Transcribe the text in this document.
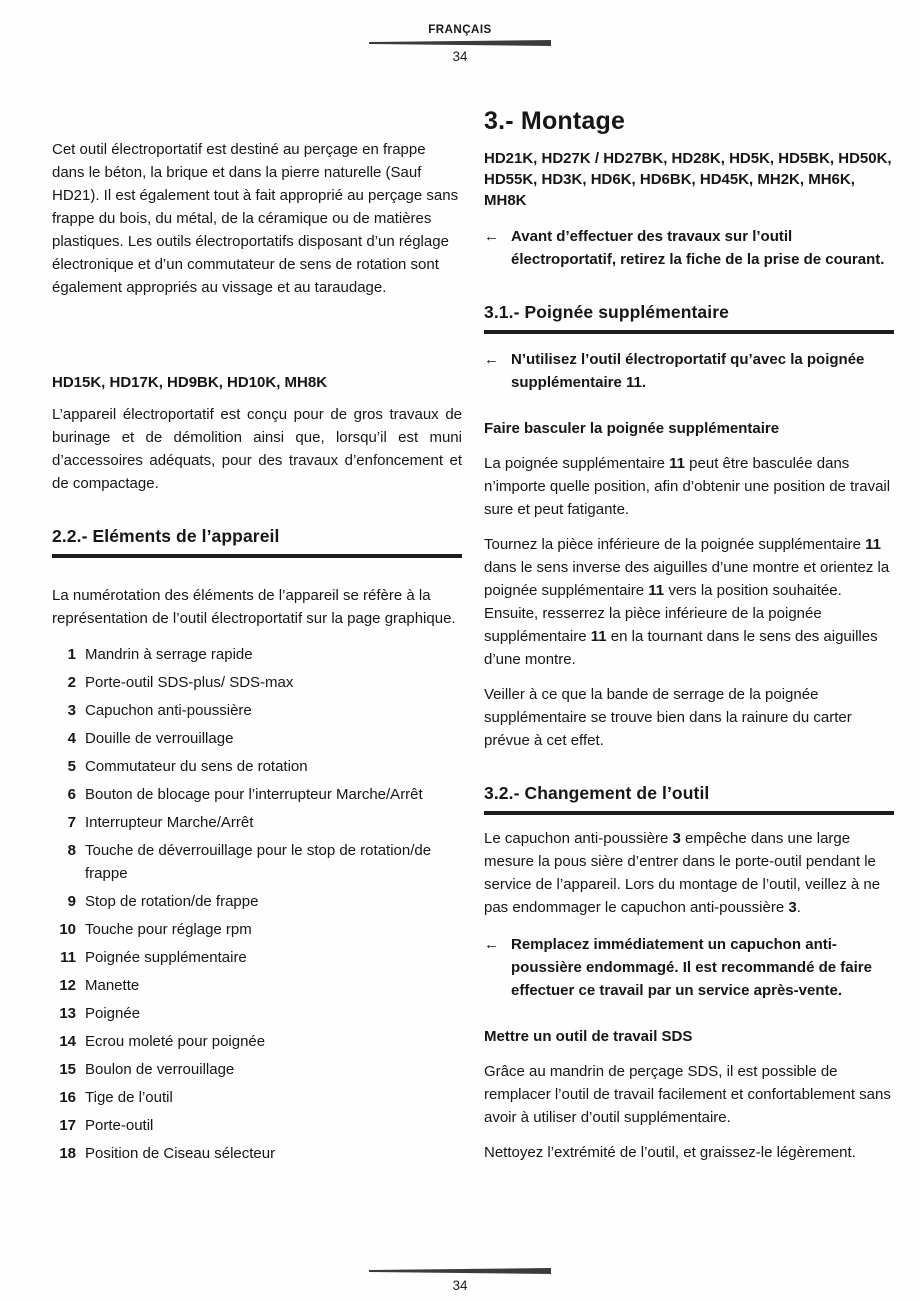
FRANÇAIS
34

Cet outil électroportatif est destiné au perçage en frappe dans le béton, la brique et dans la pierre naturelle (Sauf HD21). Il est également tout à fait approprié au perçage sans frappe du bois, du métal, de la céramique ou de matières plastiques. Les outils électroportatifs disposant d’un réglage électronique et d’un commutateur de sens de rotation sont également appropriés au vissage et au taraudage.

HD15K, HD17K, HD9BK, HD10K, MH8K

L’appareil électroportatif est conçu pour de gros travaux de burinage et de démolition ainsi que, lorsqu’il est muni d’accessoires adéquats, pour des travaux d’enfoncement et de compactage.

2.2.- Eléments de l’appareil

La numérotation des éléments de l’appareil se réfère à la représentation de l’outil électroportatif sur la page graphique.

1 Mandrin à serrage rapide
2 Porte-outil SDS-plus/ SDS-max
3 Capuchon anti-poussière
4 Douille de verrouillage
5 Commutateur du sens de rotation
6 Bouton de blocage pour l’interrupteur Marche/Arrêt
7 Interrupteur Marche/Arrêt
8 Touche de déverrouillage pour le stop de rotation/de frappe
9 Stop de rotation/de frappe
10 Touche pour réglage rpm
11 Poignée supplémentaire
12 Manette
13 Poignée
14 Ecrou moleté pour poignée
15 Boulon de verrouillage
16 Tige de l’outil
17 Porte-outil
18 Position de Ciseau sélecteur
3.- Montage

HD21K, HD27K / HD27BK, HD28K, HD5K, HD5BK, HD50K, HD55K, HD3K, HD6K, HD6BK, HD45K, MH2K, MH6K, MH8K

← Avant d’effectuer des travaux sur l’outil électroportatif, retirez la fiche de la prise de courant.

3.1.- Poignée supplémentaire
← N’utilisez l’outil électroportatif qu’avec la poignée supplémentaire 11.

Faire basculer la poignée supplémentaire

La poignée supplémentaire 11 peut être basculée dans n’importe quelle position, afin d’obtenir une position de travail sure et peut fatigante.

Tournez la pièce inférieure de la poignée supplémentaire 11 dans le sens inverse des aiguilles d’une montre et orientez la poignée supplémentaire 11 vers la position souhaitée. Ensuite, resserrez la pièce inférieure de la poignée supplémentaire 11 en la tournant dans le sens des aiguilles d’une montre.

Veiller à ce que la bande de serrage de la poignée supplémentaire se trouve bien dans la rainure du carter prévue à cet effet.

3.2.- Changement de l’outil

Le capuchon anti-poussière 3 empêche dans une large mesure la pous sière d’entrer dans le porte-outil pendant le service de l’appareil. Lors du montage de l’outil, veillez à ne pas endommager le capuchon anti-poussière 3.

← Remplacez immédiatement un capuchon anti-poussière endommagé. Il est recommandé de faire effectuer ce travail par un service après-vente.

Mettre un outil de travail SDS

Grâce au mandrin de perçage SDS, il est possible de remplacer l’outil de travail facilement et confortablement sans avoir à utiliser d’outil supplémentaire.

Nettoyez l’extrémité de l’outil, et graissez-le légèrement.

34
